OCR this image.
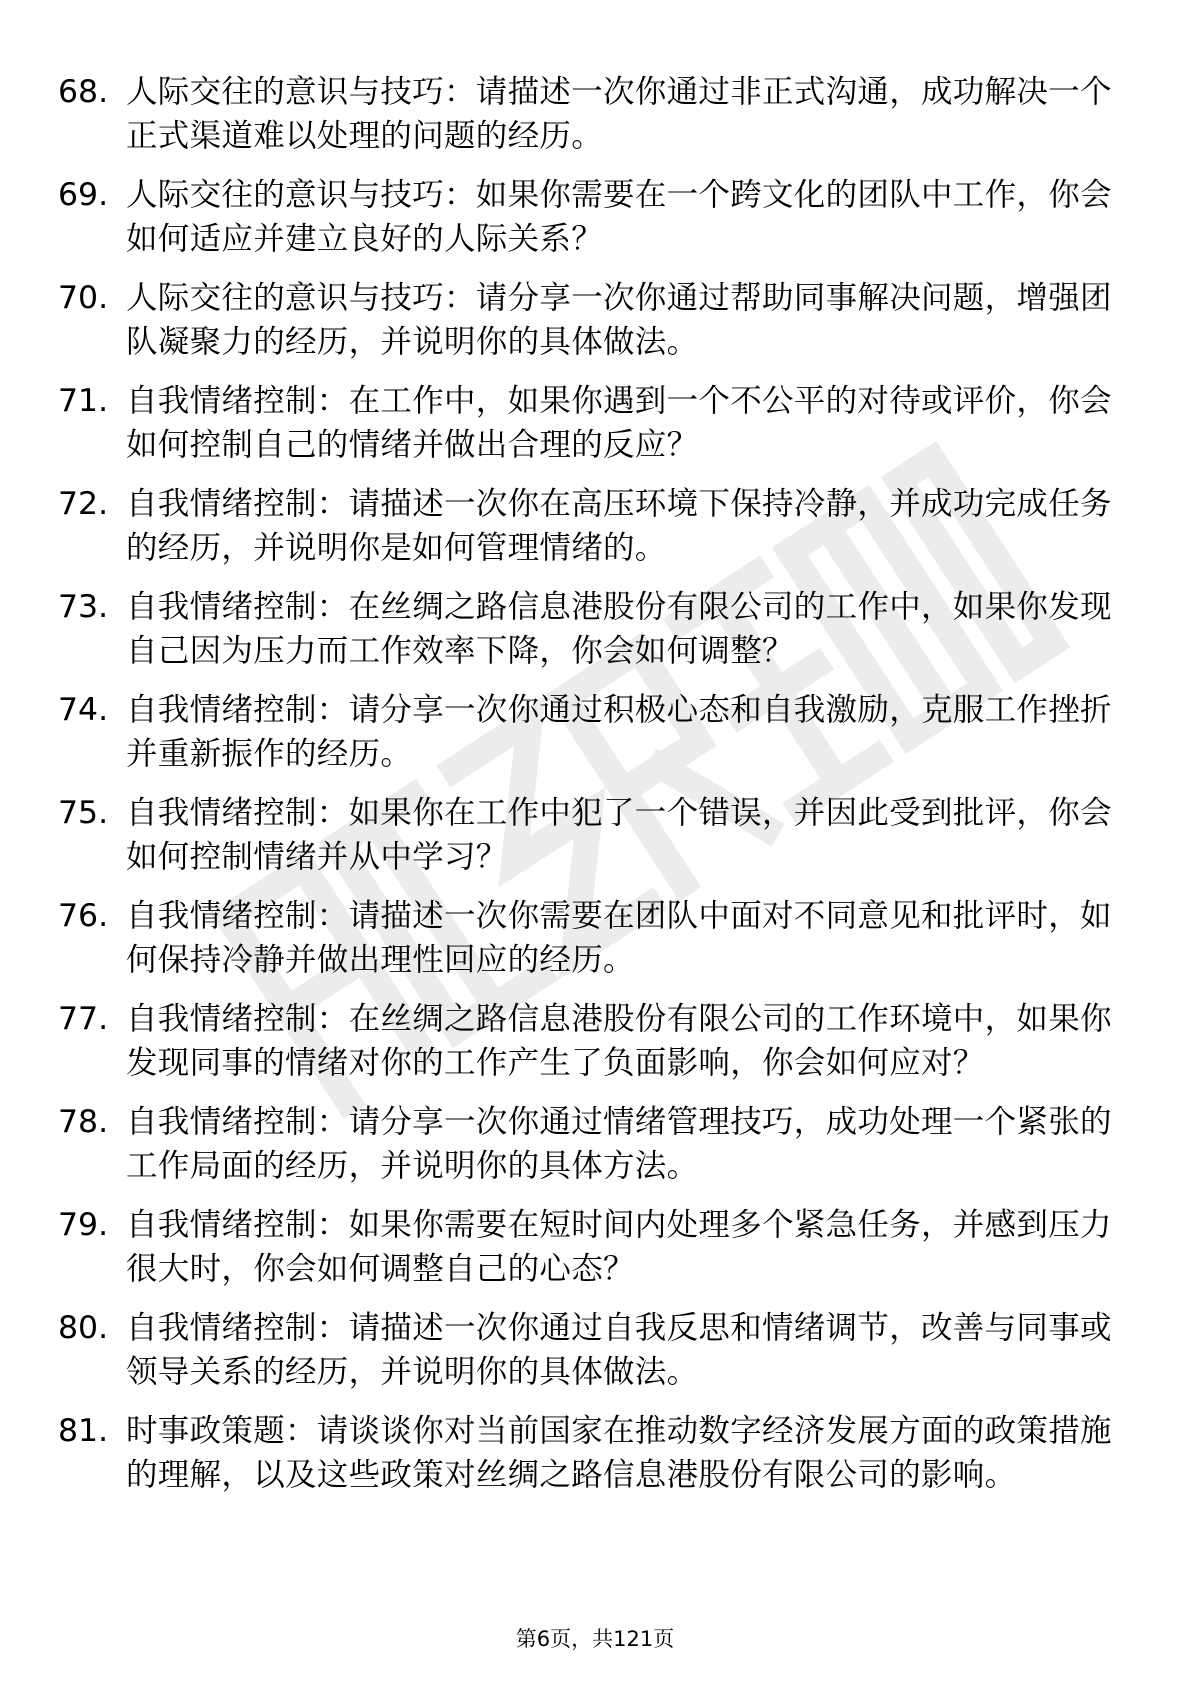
68. 人际交往的意识与技巧：请描述一次你通过非正式沟通，成功解决一个正式渠道难以处理的问题的经历。
69. 人际交往的意识与技巧：如果你需要在一个跨文化的团队中工作，你会如何适应并建立良好的人际关系？
70. 人际交往的意识与技巧：请分享一次你通过帮助同事解决问题，增强团队凝聚力的经历，并说明你的具体做法。
71. 自我情绪控制：在工作中，如果你遇到一个不公平的对待或评价，你会如何控制自己的情绪并做出合理的反应？
72. 自我情绪控制：请描述一次你在高压环境下保持冷静，并成功完成任务的经历，并说明你是如何管理情绪的。
73. 自我情绪控制：在丝绸之路信息港股份有限公司的工作中，如果你发现自己因为压力而工作效率下降，你会如何调整？
74. 自我情绪控制：请分享一次你通过积极心态和自我激励，克服工作挫折并重新振作的经历。
75. 自我情绪控制：如果你在工作中犯了一个错误，并因此受到批评，你会如何控制情绪并从中学习？
76. 自我情绪控制：请描述一次你需要在团队中面对不同意见和批评时，如何保持冷静并做出理性回应的经历。
77. 自我情绪控制：在丝绸之路信息港股份有限公司的工作环境中，如果你发现同事的情绪对你的工作产生了负面影响，你会如何应对？
78. 自我情绪控制：请分享一次你通过情绪管理技巧，成功处理一个紧张的工作局面的经历，并说明你的具体方法。
79. 自我情绪控制：如果你需要在短时间内处理多个紧急任务，并感到压力很大时，你会如何调整自己的心态？
80. 自我情绪控制：请描述一次你通过自我反思和情绪调节，改善与同事或领导关系的经历，并说明你的具体做法。
81. 时事政策题：请谈谈你对当前国家在推动数字经济发展方面的政策措施的理解，以及这些政策对丝绸之路信息港股份有限公司的影响。
第6页，共121页
